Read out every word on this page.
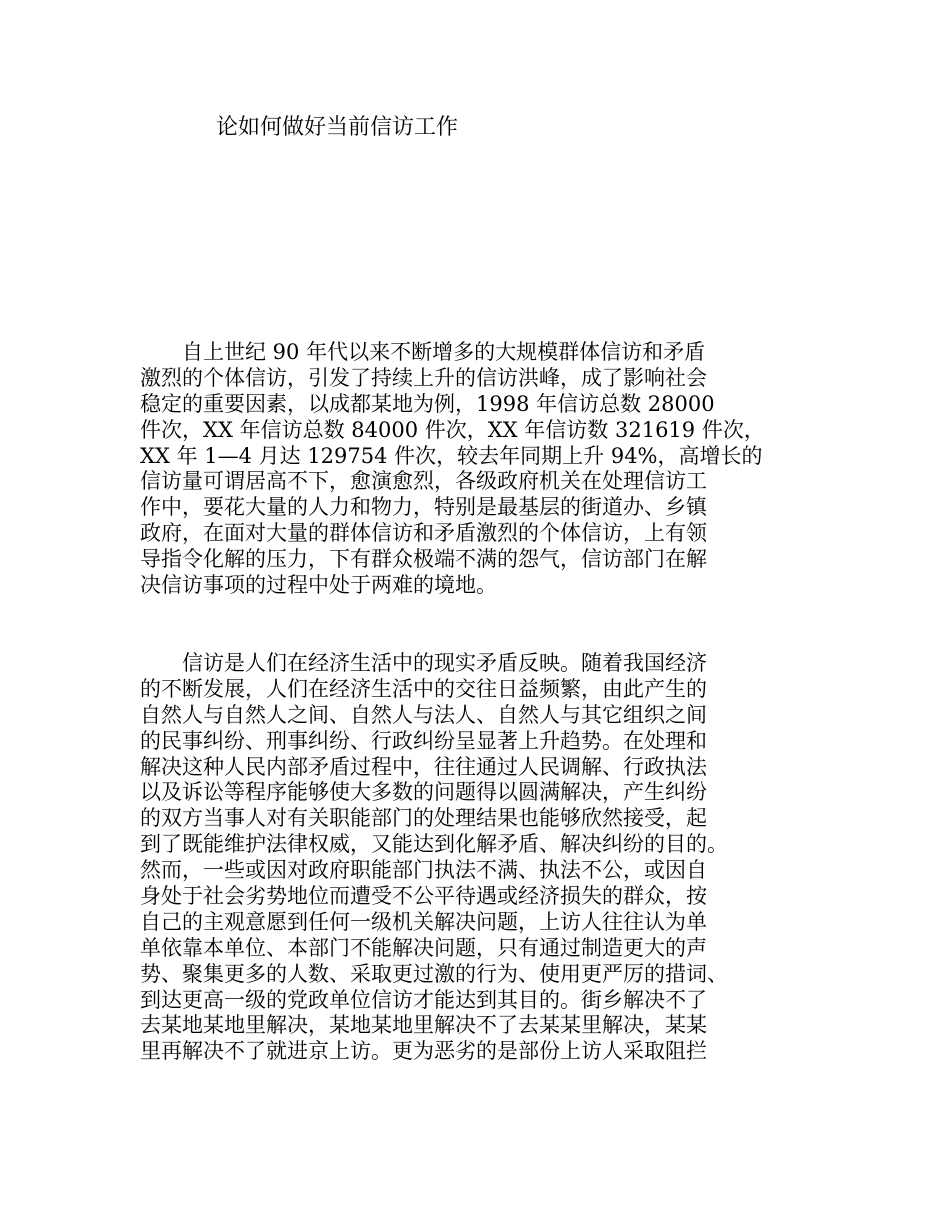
论如何做好当前信访工作
　　自上世纪 90 年代以来不断增多的大规模群体信访和矛盾
激烈的个体信访，引发了持续上升的信访洪峰，成了影响社会
稳定的重要因素，以成都某地为例，1998 年信访总数 28000
件次，XX 年信访总数 84000 件次，XX 年信访数 321619 件次，
XX 年 1—4 月达 129754 件次，较去年同期上升 94%，高增长的
信访量可谓居高不下，愈演愈烈，各级政府机关在处理信访工
作中，要花大量的人力和物力，特别是最基层的街道办、乡镇
政府，在面对大量的群体信访和矛盾激烈的个体信访，上有领
导指令化解的压力，下有群众极端不满的怨气，信访部门在解
决信访事项的过程中处于两难的境地。
　　信访是人们在经济生活中的现实矛盾反映。随着我国经济
的不断发展，人们在经济生活中的交往日益频繁，由此产生的
自然人与自然人之间、自然人与法人、自然人与其它组织之间
的民事纠纷、刑事纠纷、行政纠纷呈显著上升趋势。在处理和
解决这种人民内部矛盾过程中，往往通过人民调解、行政执法
以及诉讼等程序能够使大多数的问题得以圆满解决，产生纠纷
的双方当事人对有关职能部门的处理结果也能够欣然接受，起
到了既能维护法律权威，又能达到化解矛盾、解决纠纷的目的。
然而，一些或因对政府职能部门执法不满、执法不公，或因自
身处于社会劣势地位而遭受不公平待遇或经济损失的群众，按
自己的主观意愿到任何一级机关解决问题，上访人往往认为单
单依靠本单位、本部门不能解决问题，只有通过制造更大的声
势、聚集更多的人数、采取更过激的行为、使用更严厉的措词、
到达更高一级的党政单位信访才能达到其目的。街乡解决不了
去某地某地里解决，某地某地里解决不了去某某里解决，某某
里再解决不了就进京上访。更为恶劣的是部份上访人采取阻拦
